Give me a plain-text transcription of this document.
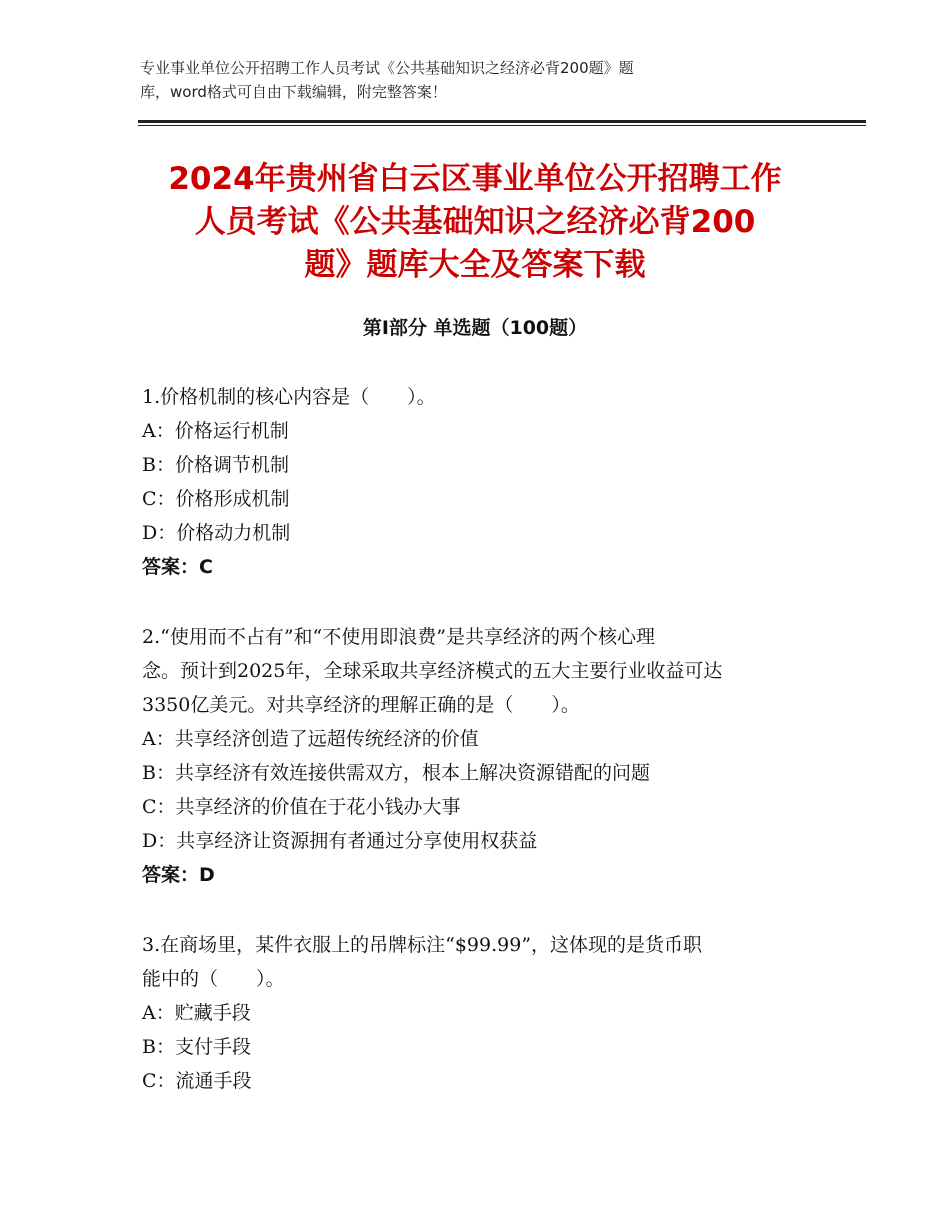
专业事业单位公开招聘工作人员考试《公共基础知识之经济必背200题》题
库，word格式可自由下载编辑，附完整答案！
2024年贵州省白云区事业单位公开招聘工作
人员考试《公共基础知识之经济必背200
题》题库大全及答案下载
第Ⅰ部分 单选题（100题）

1.价格机制的核心内容是（　　）。

A：价格运行机制

B：价格调节机制

C：价格形成机制

D：价格动力机制

答案：C

2.“使用而不占有”和“不使用即浪费”是共享经济的两个核心理

念。预计到2025年，全球采取共享经济模式的五大主要行业收益可达

3350亿美元。对共享经济的理解正确的是（　　）。

A：共享经济创造了远超传统经济的价值

B：共享经济有效连接供需双方，根本上解决资源错配的问题

C：共享经济的价值在于花小钱办大事

D：共享经济让资源拥有者通过分享使用权获益

答案：D

3.在商场里，某件衣服上的吊牌标注“$99.99”，这体现的是货币职

能中的（　　）。

A：贮藏手段

B：支付手段

C：流通手段
